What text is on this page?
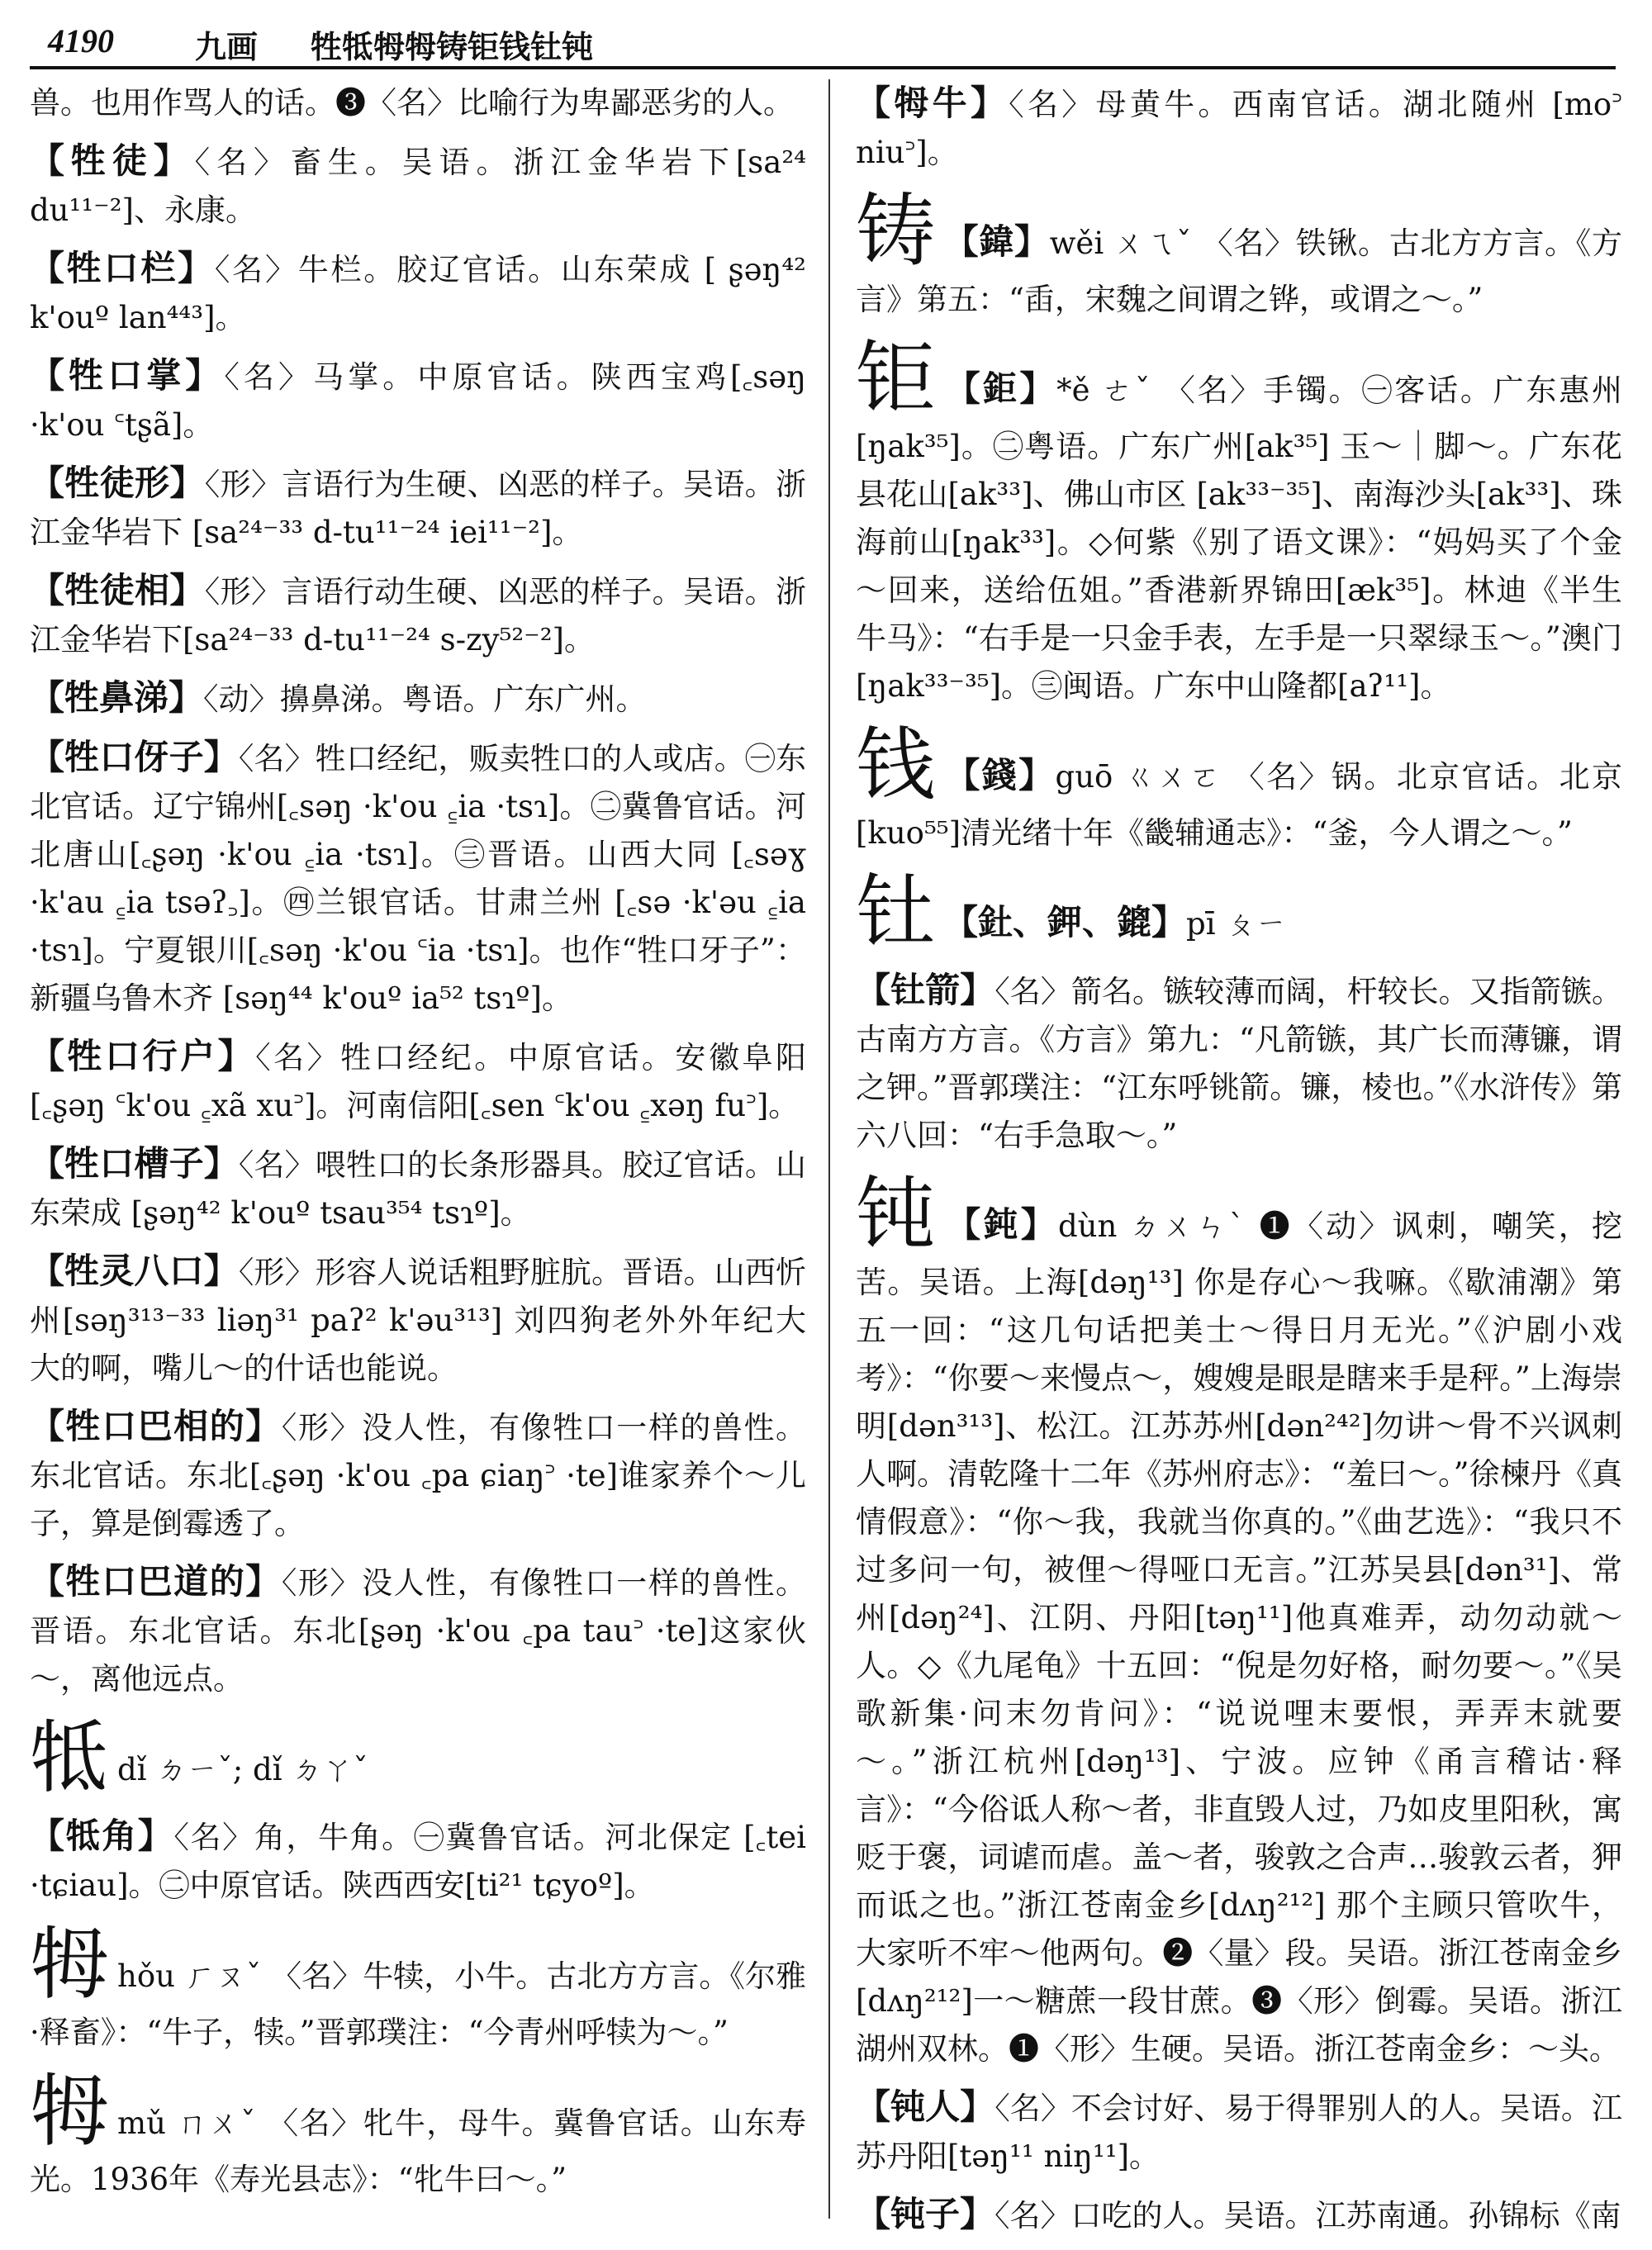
4190	九画 牲牴牳牳铸钜钱钍钝
兽。也用作骂人的话。❸〈名〉比喻行为卑鄙恶劣的人。
【牲徒】〈名〉畜生。吴语。浙江金华岩下[sa²⁴ du¹¹⁻²]、永康。
【牲口栏】〈名〉牛栏。胶辽官话。山东荣成 [ ʂəŋ⁴² k'ouº lan⁴⁴³]。
【牲口掌】〈名〉马掌。中原官话。陕西宝鸡[꜀səŋ ·k'ou ꜂tʂã]。
【牲徒形】〈形〉言语行为生硬、凶恶的样子。吴语。浙江金华岩下 [sa²⁴⁻³³ d-tu¹¹⁻²⁴ iei¹¹⁻²]。
【牲徒相】〈形〉言语行动生硬、凶恶的样子。吴语。浙江金华岩下[sa²⁴⁻³³ d-tu¹¹⁻²⁴ s-zy⁵²⁻²]。
【牲鼻涕】〈动〉擤鼻涕。粤语。广东广州。
【牲口伢子】〈名〉牲口经纪，贩卖牲口的人或店。㊀东北官话。辽宁锦州[꜀səŋ ·k'ou ꜁ia ·tsɿ]。㊁冀鲁官话。河北唐山[꜀ʂəŋ ·k'ou ꜁ia ·tsɿ]。㊂晋语。山西大同 [꜀səɣ ·k'au ꜁ia tsəʔ꜆]。㊃兰银官话。甘肃兰州 [꜀sə ·k'əu ꜁ia ·tsɿ]。宁夏银川[꜀səŋ ·k'ou ꜂ia ·tsɿ]。也作“牲口牙子”：新疆乌鲁木齐 [səŋ⁴⁴ k'ouº ia⁵² tsɿº]。
【牲口行户】〈名〉牲口经纪。中原官话。安徽阜阳 [꜀ʂəŋ ꜂k'ou ꜁xã xu꜄]。河南信阳[꜀sen ꜂k'ou ꜁xəŋ fu꜄]。
【牲口槽子】〈名〉喂牲口的长条形器具。胶辽官话。山东荣成 [ʂəŋ⁴² k'ouº tsau³⁵⁴ tsɿº]。
【牲灵八口】〈形〉形容人说话粗野脏肮。晋语。山西忻州[səŋ³¹³⁻³³ liəŋ³¹ paʔ² k'əu³¹³] 刘四狗老外外年纪大大的啊，嘴儿～的什话也能说。
【牲口巴相的】〈形〉没人性，有像牲口一样的兽性。东北官话。东北[꜀ʂəŋ ·k'ou ꜀pa ɕiaŋ꜄ ·te]谁家养个～儿子，算是倒霉透了。
【牲口巴道的】〈形〉没人性，有像牲口一样的兽性。晋语。东北官话。东北[ʂəŋ ·k'ou ꜀pa tau꜄ ·te]这家伙～，离他远点。
牴dǐ ㄉㄧˇ; dǐ ㄉㄚˇ
【牴角】〈名〉角，牛角。㊀冀鲁官话。河北保定 [꜀tei ·tɕiau]。㊁中原官话。陕西西安[ti²¹ tɕyoº]。
牳hǒu ㄏㄡˇ 〈名〉牛犊，小牛。古北方方言。《尔雅·释畜》：“牛子，犊。”晋郭璞注：“今青州呼犊为～。”
牳mǔ ㄇㄨˇ 〈名〉牝牛，母牛。冀鲁官话。山东寿光。1936年《寿光县志》：“牝牛曰～。”
【牳牛】〈名〉母黄牛。西南官话。湖北随州 [mo꜄ niu꜄]。
铸 【鍏】wěi ㄨㄟˇ 〈名〉铁锹。古北方方言。《方言》第五：“臿，宋魏之间谓之铧，或谓之～。”
钜 【鉅】*ě ㄜˇ 〈名〉手镯。㊀客话。广东惠州[ŋak³⁵]。㊁粤语。广东广州[ak³⁵] 玉～｜脚～。广东花县花山[ak³³]、佛山市区 [ak³³⁻³⁵]、南海沙头[ak³³]、珠海前山[ŋak³³]。◇何紫《别了语文课》：“妈妈买了个金～回来，送给伍姐。”香港新界锦田[æk³⁵]。林迪《半生牛马》：“右手是一只金手表，左手是一只翠绿玉～。”澳门[ŋak³³⁻³⁵]。㊂闽语。广东中山隆都[aʔ¹¹]。
钱 【錢】guō ㄍㄨㄛ 〈名〉锅。北京官话。北京[kuo⁵⁵]清光绪十年《畿辅通志》：“釜，今人谓之～。”
钍 【釷、鉀、鎞】pī ㄆㄧ
【钍箭】〈名〉箭名。镞较薄而阔，杆较长。又指箭镞。古南方方言。《方言》第九：“凡箭镞，其广长而薄镰，谓之钾。”晋郭璞注：“江东呼铫箭。镰，棱也。”《水浒传》第六八回：“右手急取～。”
钝 【鈍】dùn ㄉㄨㄣˋ ❶〈动〉讽刺，嘲笑，挖苦。吴语。上海[dəŋ¹³] 你是存心～我嘛。《歇浦潮》第五一回：“这几句话把美士～得日月无光。”《沪剧小戏考》：“你要～来慢点～，嫂嫂是眼是瞎来手是秤。”上海崇明[dən³¹³]、松江。江苏苏州[dən²⁴²]勿讲～骨不兴讽刺人啊。清乾隆十二年《苏州府志》：“羞曰～。”徐楝丹《真情假意》：“你～我，我就当你真的。”《曲艺选》：“我只不过多问一句，被俚～得哑口无言。”江苏吴县[dən³¹]、常州[dəŋ²⁴]、江阴、丹阳[təŋ¹¹]他真难弄，动勿动就～人。◇《九尾龟》十五回：“倪是勿好格，耐勿要～。”《吴歌新集·问末勿肯问》：“说说哩末要恨，弄弄末就要～。”浙江杭州[dəŋ¹³]、宁波。应钟《甬言稽诂·释言》：“今俗诋人称～者，非直毁人过，乃如皮里阳秋，寓贬于褒，词谑而虐。盖～者，骏敦之合声…骏敦云者，狎而诋之也。”浙江苍南金乡[dʌŋ²¹²] 那个主顾只管吹牛，大家听不牢～他两句。❷〈量〉段。吴语。浙江苍南金乡[dʌŋ²¹²]一～糖蔗一段甘蔗。❸〈形〉倒霉。吴语。浙江湖州双林。❶〈形〉生硬。吴语。浙江苍南金乡：～头。
【钝人】〈名〉不会讨好、易于得罪别人的人。吴语。江苏丹阳[təŋ¹¹ niŋ¹¹]。
【钝子】〈名〉口吃的人。吴语。江苏南通。孙锦标《南
